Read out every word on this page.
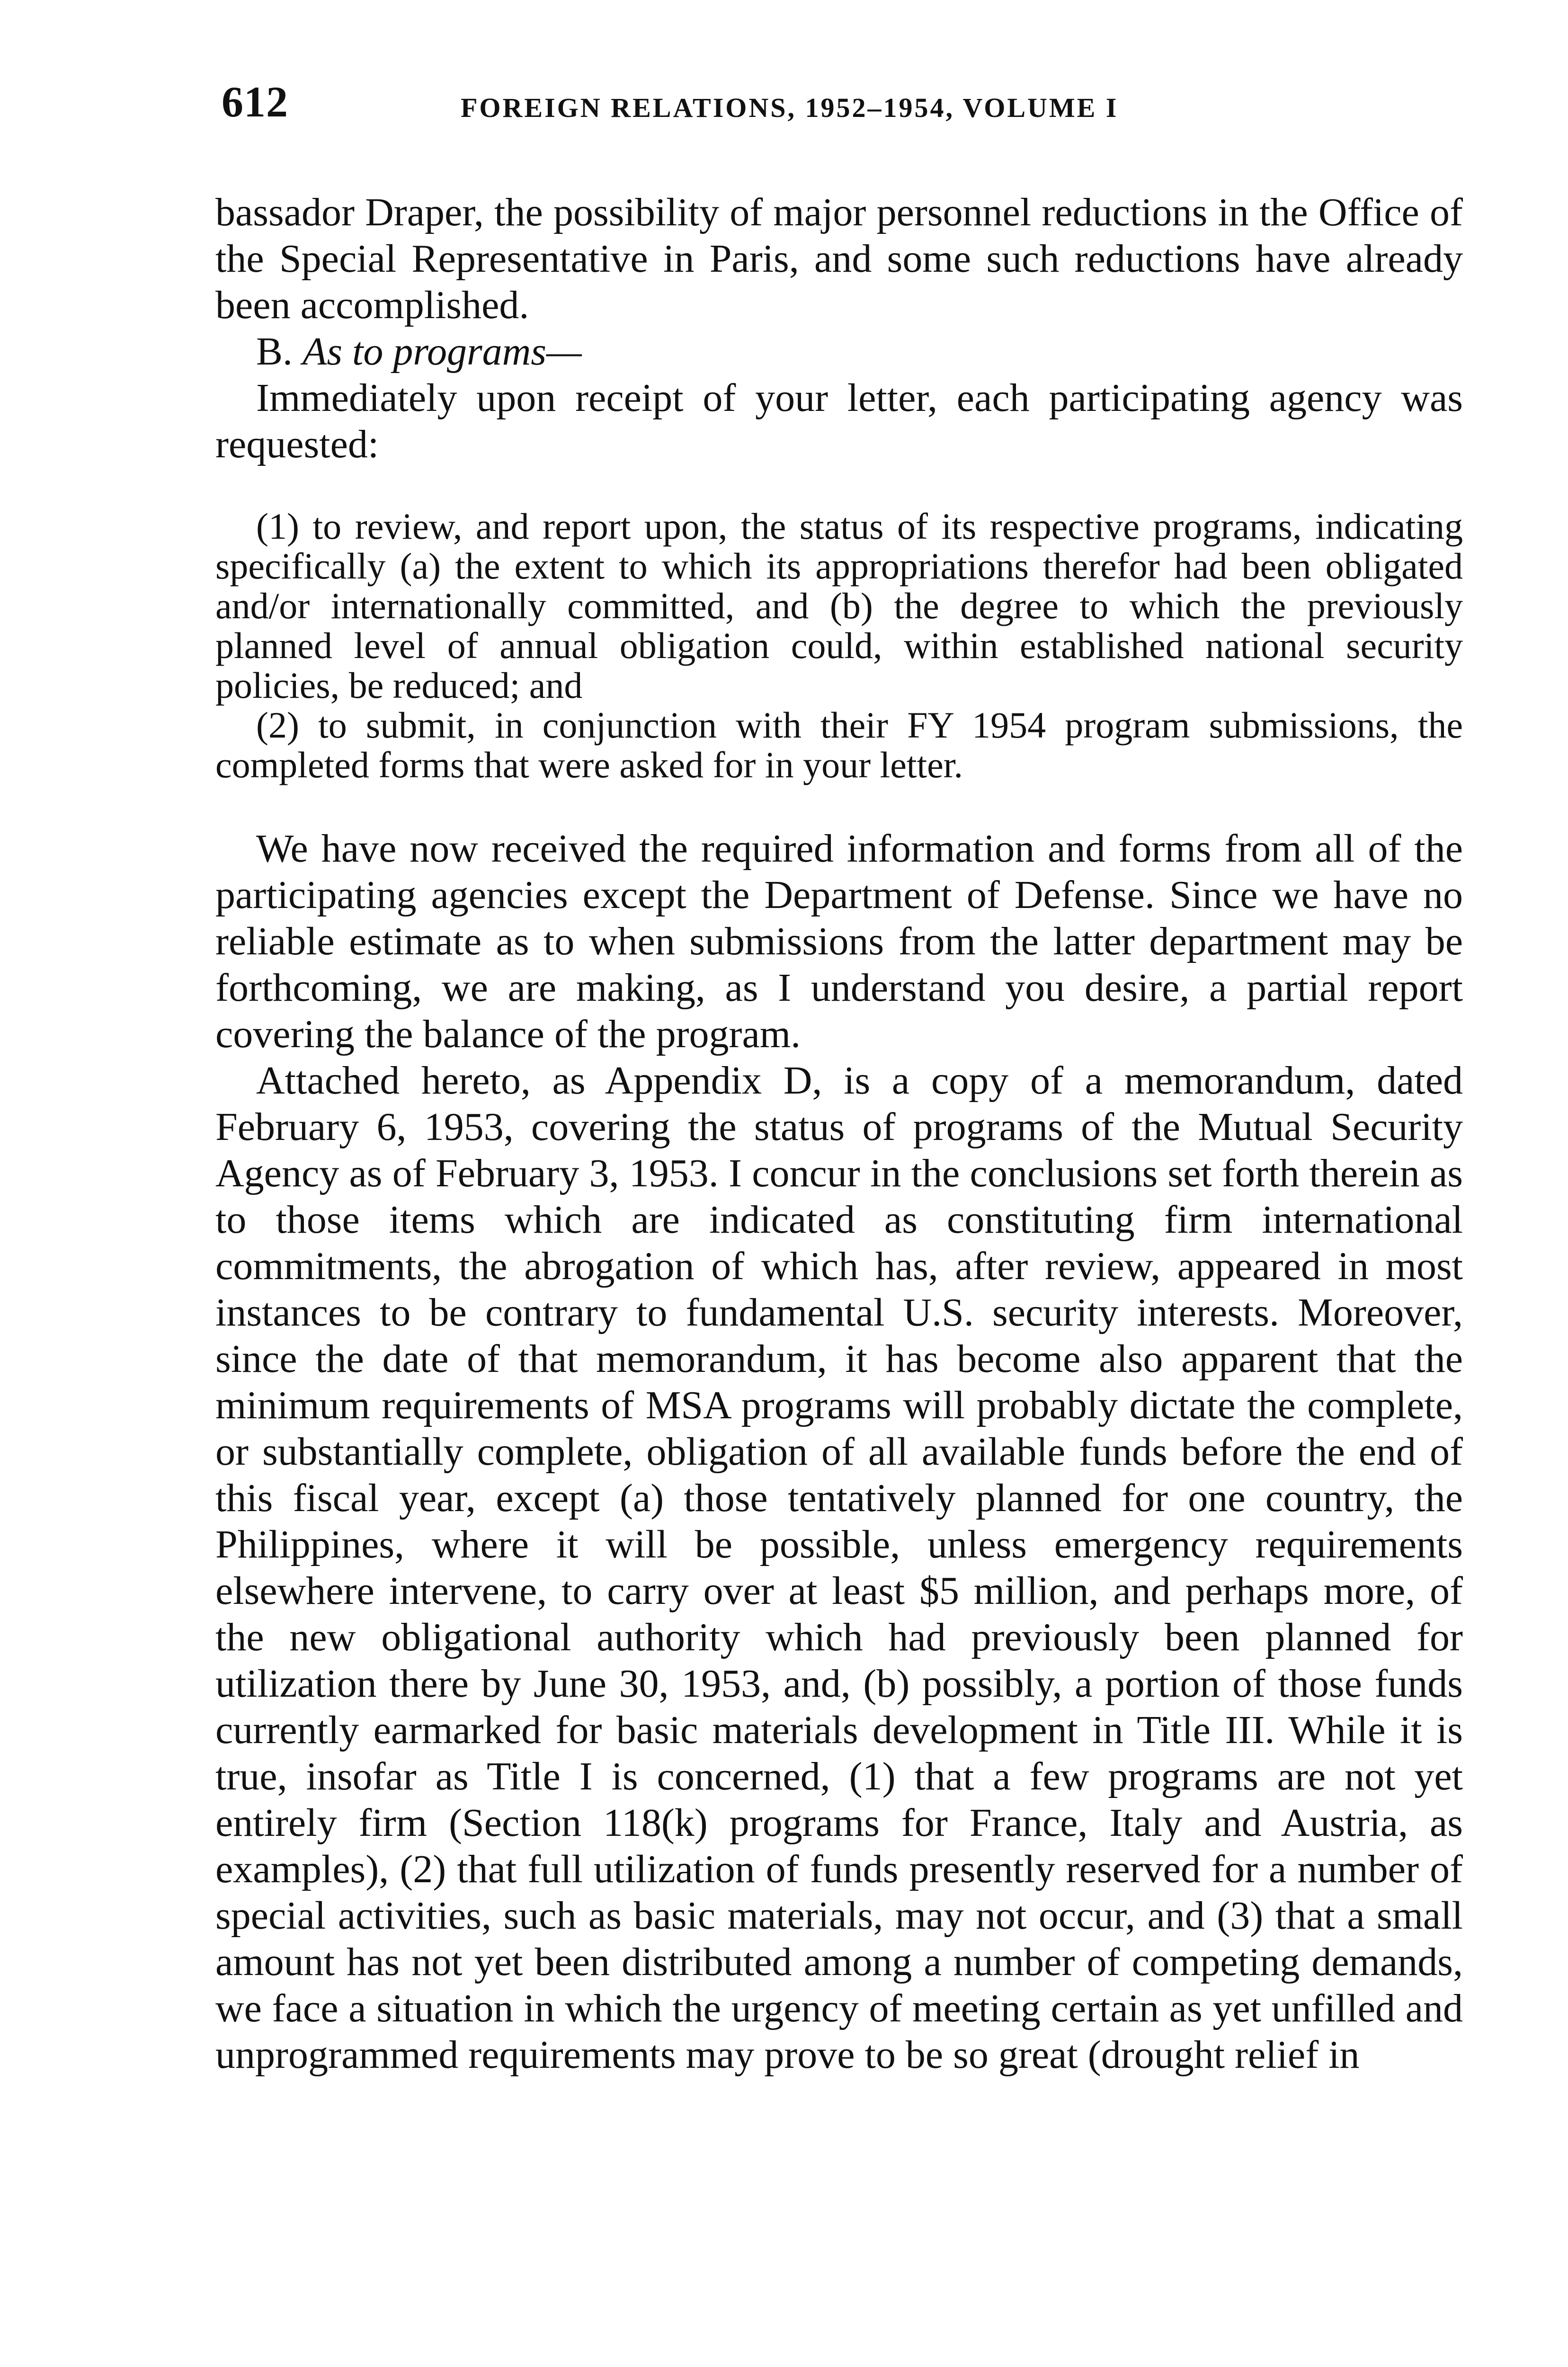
612	FOREIGN RELATIONS, 1952–1954, VOLUME I

bassador Draper, the possibility of major personnel reductions in the Office of the Special Representative in Paris, and some such reductions have already been accomplished.

B. As to programs—

Immediately upon receipt of your letter, each participating agency was requested:

(1) to review, and report upon, the status of its respective programs, indicating specifically (a) the extent to which its appropriations therefor had been obligated and/or internationally committed, and (b) the degree to which the previously planned level of annual obligation could, within established national security policies, be reduced; and

(2) to submit, in conjunction with their FY 1954 program submissions, the completed forms that were asked for in your letter.

We have now received the required information and forms from all of the participating agencies except the Department of Defense. Since we have no reliable estimate as to when submissions from the latter department may be forthcoming, we are making, as I understand you desire, a partial report covering the balance of the program.

Attached hereto, as Appendix D, is a copy of a memorandum, dated February 6, 1953, covering the status of programs of the Mutual Security Agency as of February 3, 1953. I concur in the conclusions set forth therein as to those items which are indicated as constituting firm international commitments, the abrogation of which has, after review, appeared in most instances to be contrary to fundamental U.S. security interests. Moreover, since the date of that memorandum, it has become also apparent that the minimum requirements of MSA programs will probably dictate the complete, or substantially complete, obligation of all available funds before the end of this fiscal year, except (a) those tentatively planned for one country, the Philippines, where it will be possible, unless emergency requirements elsewhere intervene, to carry over at least $5 million, and perhaps more, of the new obligational authority which had previously been planned for utilization there by June 30, 1953, and, (b) possibly, a portion of those funds currently earmarked for basic materials development in Title III. While it is true, insofar as Title I is concerned, (1) that a few programs are not yet entirely firm (Section 118(k) programs for France, Italy and Austria, as examples), (2) that full utilization of funds presently reserved for a number of special activities, such as basic materials, may not occur, and (3) that a small amount has not yet been distributed among a number of competing demands, we face a situation in which the urgency of meeting certain as yet unfilled and unprogrammed requirements may prove to be so great (drought relief in
